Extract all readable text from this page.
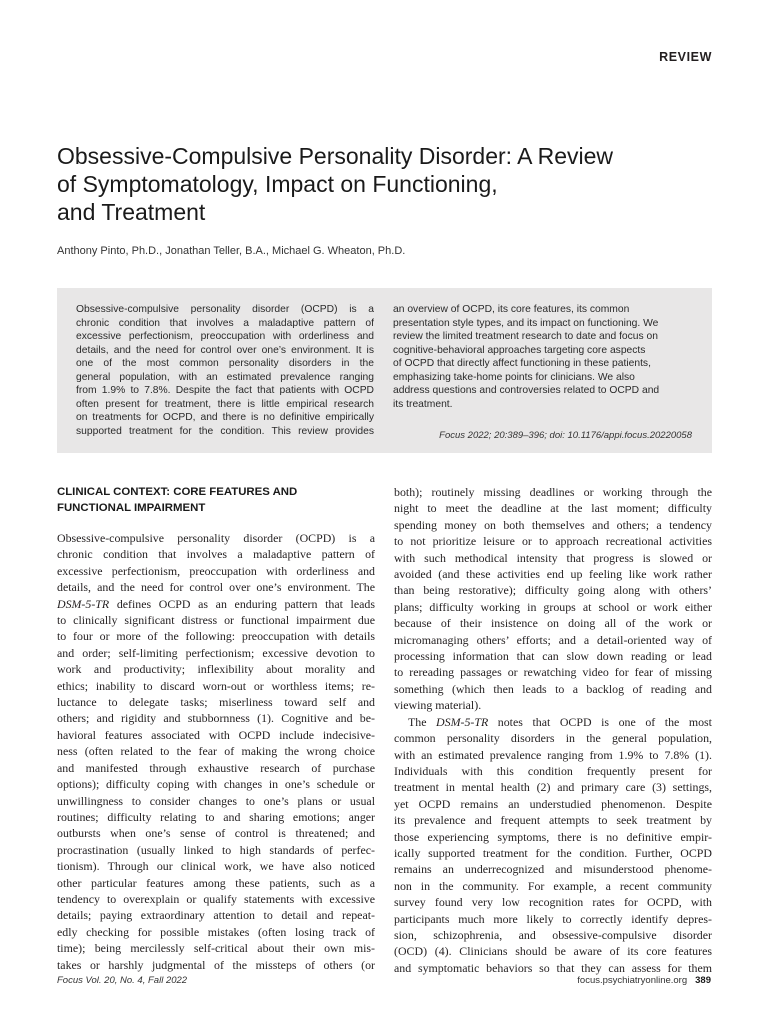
REVIEW
Obsessive-Compulsive Personality Disorder: A Review
of Symptomatology, Impact on Functioning,
and Treatment
Anthony Pinto, Ph.D., Jonathan Teller, B.A., Michael G. Wheaton, Ph.D.
Obsessive-compulsive personality disorder (OCPD) is a
chronic condition that involves a maladaptive pattern of
excessive perfectionism, preoccupation with orderliness and
details, and the need for control over one’s environment. It is
one of the most common personality disorders in the
general population, with an estimated prevalence ranging
from 1.9% to 7.8%. Despite the fact that patients with OCPD
often present for treatment, there is little empirical research
on treatments for OCPD, and there is no definitive empirically
supported treatment for the condition. This review provides
an overview of OCPD, its core features, its common
presentation style types, and its impact on functioning. We
review the limited treatment research to date and focus on
cognitive-behavioral approaches targeting core aspects
of OCPD that directly affect functioning in these patients,
emphasizing take-home points for clinicians. We also
address questions and controversies related to OCPD and
its treatment.
Focus 2022; 20:389–396; doi: 10.1176/appi.focus.20220058
CLINICAL CONTEXT: CORE FEATURES AND
FUNCTIONAL IMPAIRMENT
Obsessive-compulsive personality disorder (OCPD) is a
chronic condition that involves a maladaptive pattern of
excessive perfectionism, preoccupation with orderliness and
details, and the need for control over one’s environment. The
DSM-5-TR defines OCPD as an enduring pattern that leads
to clinically significant distress or functional impairment due
to four or more of the following: preoccupation with details
and order; self-limiting perfectionism; excessive devotion to
work and productivity; inflexibility about morality and
ethics; inability to discard worn-out or worthless items; re-
luctance to delegate tasks; miserliness toward self and
others; and rigidity and stubbornness (1). Cognitive and be-
havioral features associated with OCPD include indecisive-
ness (often related to the fear of making the wrong choice
and manifested through exhaustive research of purchase
options); difficulty coping with changes in one’s schedule or
unwillingness to consider changes to one’s plans or usual
routines; difficulty relating to and sharing emotions; anger
outbursts when one’s sense of control is threatened; and
procrastination (usually linked to high standards of perfec-
tionism). Through our clinical work, we have also noticed
other particular features among these patients, such as a
tendency to overexplain or qualify statements with excessive
details; paying extraordinary attention to detail and repeat-
edly checking for possible mistakes (often losing track of
time); being mercilessly self-critical about their own mis-
takes or harshly judgmental of the missteps of others (or
both); routinely missing deadlines or working through the
night to meet the deadline at the last moment; difficulty
spending money on both themselves and others; a tendency
to not prioritize leisure or to approach recreational activities
with such methodical intensity that progress is slowed or
avoided (and these activities end up feeling like work rather
than being restorative); difficulty going along with others’
plans; difficulty working in groups at school or work either
because of their insistence on doing all of the work or
micromanaging others’ efforts; and a detail-oriented way of
processing information that can slow down reading or lead
to rereading passages or rewatching video for fear of missing
something (which then leads to a backlog of reading and
viewing material).
The DSM-5-TR notes that OCPD is one of the most
common personality disorders in the general population,
with an estimated prevalence ranging from 1.9% to 7.8% (1).
Individuals with this condition frequently present for
treatment in mental health (2) and primary care (3) settings,
yet OCPD remains an understudied phenomenon. Despite
its prevalence and frequent attempts to seek treatment by
those experiencing symptoms, there is no definitive empir-
ically supported treatment for the condition. Further, OCPD
remains an underrecognized and misunderstood phenome-
non in the community. For example, a recent community
survey found very low recognition rates for OCPD, with
participants much more likely to correctly identify depres-
sion, schizophrenia, and obsessive-compulsive disorder
(OCD) (4). Clinicians should be aware of its core features
and symptomatic behaviors so that they can assess for them
Focus Vol. 20, No. 4, Fall 2022	focus.psychiatryonline.org 389
